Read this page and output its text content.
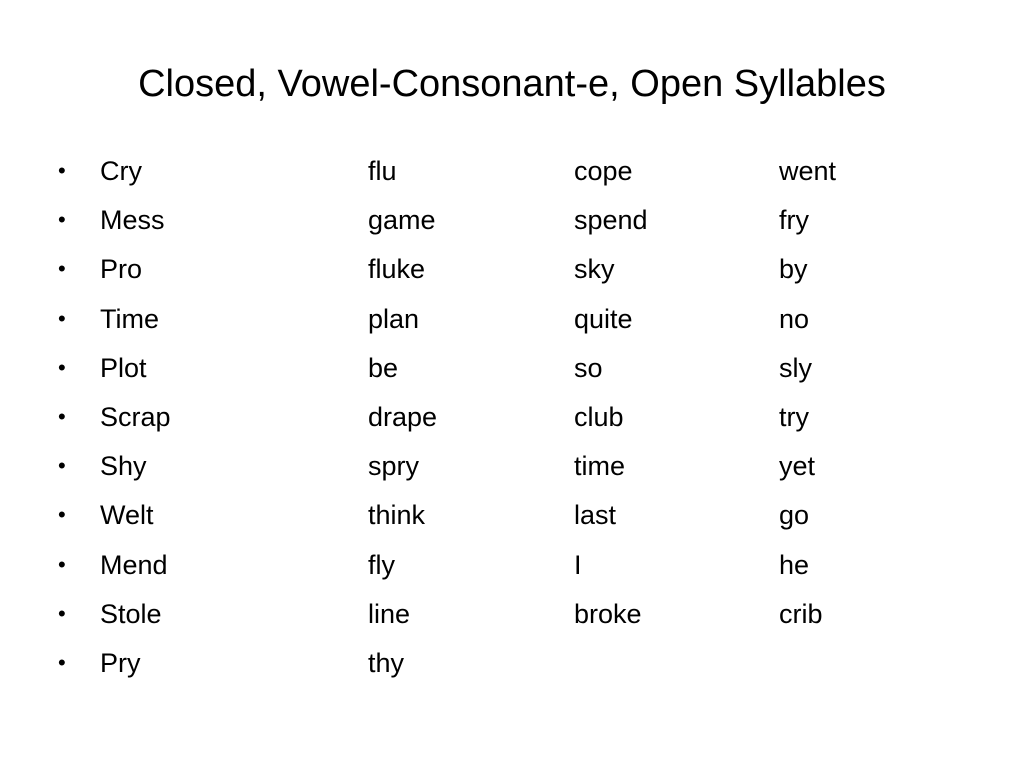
Closed, Vowel-Consonant-e, Open Syllables
• Cry	flu	cope	went
• Mess	game	spend	fry
• Pro	fluke	sky	by
• Time	plan	quite	no
• Plot	be	so	sly
• Scrap	drape	club	try
• Shy	spry	time	yet
• Welt	think	last	go
• Mend	fly	I	he
• Stole	line	broke	crib
• Pry	thy
